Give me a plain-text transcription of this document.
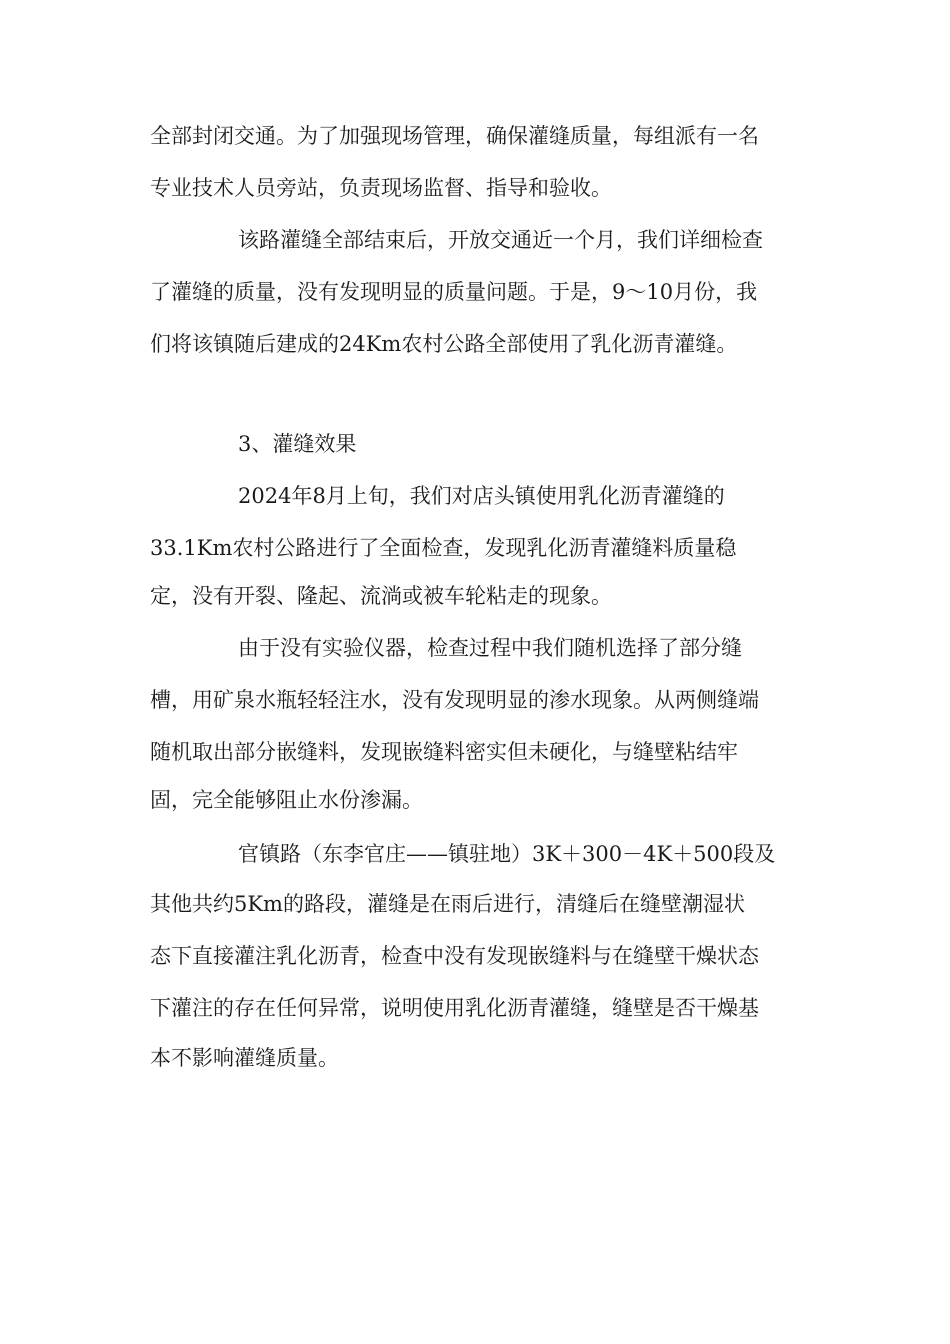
全部封闭交通。为了加强现场管理，确保灌缝质量，每组派有一名

专业技术人员旁站，负责现场监督、指导和验收。

该路灌缝全部结束后，开放交通近一个月，我们详细检查

了灌缝的质量，没有发现明显的质量问题。于是，9～10月份，我

们将该镇随后建成的24Km农村公路全部使用了乳化沥青灌缝。

3、灌缝效果

2024年8月上旬，我们对店头镇使用乳化沥青灌缝的

33.1Km农村公路进行了全面检查，发现乳化沥青灌缝料质量稳

定，没有开裂、隆起、流淌或被车轮粘走的现象。

由于没有实验仪器，检查过程中我们随机选择了部分缝

槽，用矿泉水瓶轻轻注水，没有发现明显的渗水现象。从两侧缝端

随机取出部分嵌缝料，发现嵌缝料密实但未硬化，与缝壁粘结牢

固，完全能够阻止水份渗漏。

官镇路（东李官庄——镇驻地）3K＋300－4K＋500段及

其他共约5Km的路段，灌缝是在雨后进行，清缝后在缝壁潮湿状

态下直接灌注乳化沥青，检查中没有发现嵌缝料与在缝壁干燥状态

下灌注的存在任何异常，说明使用乳化沥青灌缝，缝壁是否干燥基

本不影响灌缝质量。
